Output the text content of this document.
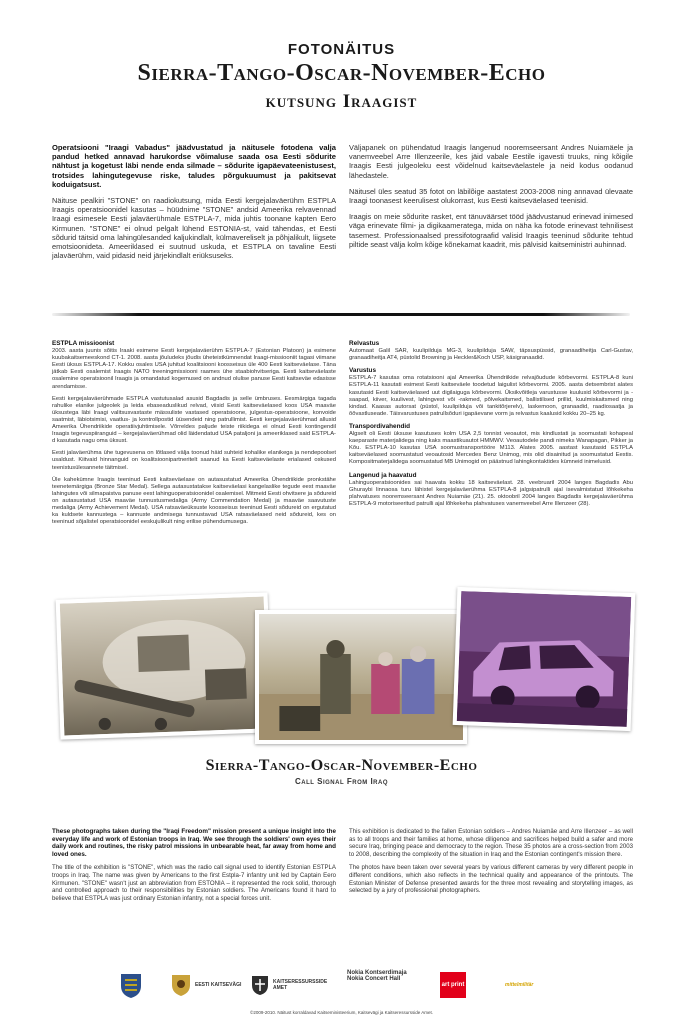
FOTONÄITUS
Sierra-Tango-Oscar-November-Echo
kutsung Iraagist

Operatsiooni "Iraagi Vabadus" jäädvustatud ja näitusele fotodena valja pandud hetked annavad harukordse võimaluse saada osa Eesti sõdurite nähtust ja kogetust läbi nende enda silmade – sõdurite igapäevateenistusest, trotsides lahingutegevuse riske, taludes põrgukuumust ja pakitsevat koduigatsust.

Näituse pealkiri "STONE" on raadiokutsung, mida Eesti kergejalaväerühm ESTPLA Iraagis operatsioonidel kasutas – hüüdnime "STONE" andsid Ameerika relvavennad Iraagi esimesele Eesti jalaväerühmale ESTPLA-7, mida juhtis toonane kapten Eero Kirmunen. "STONE" ei olnud pelgalt lühend ESTONIA-st, vaid tähendas, et Eesti sõdurid täitsid oma lahingülesanded kaljukindlalt, külmavereliselt ja põhjalikult, liigsete emotsioonideta. Ameeriklased ei suutnud uskuda, et ESTPLA on tavaline Eesti jalaväerühm, vaid pidasid neid järjekindlalt eriüksuseks.

Väljapanek on pühendatud Iraagis langenud nooremseersant Andres Nuiamäele ja vanemveebel Arre Illenzeerile, kes jäid vabale Eestile igavesti truuks, ning kõigile Iraagis Eesti julgeoleku eest võidelnud kaitseväelastele ja neid kodus oodanud lähedastele.

Näitusel üles seatud 35 fotot on läbilõige aastatest 2003-2008 ning annavad ülevaate Iraagi toonasest keerulisest olukorrast, kus Eesti kaitseväelased teenisid.

Iraagis on meie sõdurite rasket, ent tänuväärset tööd jäädvustanud erinevad inimesed väga erinevate filmi- ja digikaameratega, mida on näha ka fotode erinevast tehnilisest tasemest. Professionaalsed pressifotograafid valisid Iraagis teeninud sõdurite tehtud piltide seast välja kolm kõige kõnekamat kaadrit, mis pälvisid kaitseministri auhinnad.

ESTPLA missioonist

2003. aasta juunis sõitis Iraaki esimene Eesti kergejalaväerühm ESTPLA-7 (Estonian Platoon) ja esimene kuubakaitsemeeskond CT-1. 2008. aasta jõuludeks jõudis üheteistkümnendat Iraagi-missiooniit tagasi viimane Eesti üksus ESTPLA-17. Kokku osales USA juhitud koalitsiooni koosseisus üle 400 Eesti kaitseväelase. Täna jätkab Eesti osalemist Iraagis NATO treeningmissiooni raames ühe staabiohvitseriga. Eesti kaitseväelaste osalemine operatsioonil Iraagis ja omandatud kogemused on andnud olulise panuse Eesti kaitseväe edasisse arendamisse.

Eesti kergejalaväerühmade ESTPLA vastutusalad asusid Bagdadis ja selle ümbruses. Eesmärgiga tagada rahulike elanike julgeolek ja leida ebaseaduslikud relvad, viisid Eesti kaitseväelased koos USA maaväe üksustega läbi Iraagi valitsusvastaste mässuliste vastased operatsioone, julgestus-operatsioone, konvoide saatmist, läbiotsimisi, vaatlus- ja kontrollpostid üüsendeid ning patrullimist. Eesti kergejalaväerühmad allusid Ameerika Ühendriikide operatiivjuhtimisele. Võrreldes paljude teiste riikidega ei olnud Eesti kontingendil Iraagis tegevuspiiranguid – kergejalaväerühmad olid läidendatud USA pataljoni ja ameeriklased said ESTPLA-d kasutada nagu oma üksust.

Eesti jalaväerühma ühe tugevusena on lõtlased välja toonud häid suhteid kohalike elanikega ja nendepoolset usaldust. Kiitvaid hinnanguid on koalitsioonipartneritelt saanud ka Eesti kaitseväelaste erialased oskused teenistusülesannete täitmisel.

Üle kahekümne Iraagis teeninud Eesti kaitseväelase on autasustatud Ameerika Ühendriikide pronkstähe teenetemärgiga (Bronze Star Medal). Sellega autasustatakse kaitseväelasi kangelaslike tegude eest maaväe lahingutes või silmapaistva panuse eest lahinguoperatsioonidel osalemisel. Mitmeid Eesti ohvitsere ja sõdureid on autasustatud USA maaväe tunnustusmedaliga (Army Commendation Medal) ja maaväe saavutuste medaliga (Army Achievement Medal). USA ratsaväeüksuste koosseisus teeninud Eesti sõdureid on ergutatud ka kuldsete kannustega – kannuste andmisega tunnustavad USA ratsaväelased neid sõdureid, kes on teeninud sõjalistel operatsioonidel eeskujulikult ning erilise pühendumusega.

Relvastus

Automaat Galil SAR, kuulipilduja MG-3, kuulipilduja SAW, täpsuspüssid, granaadiheitja Carl-Gustav, granaadiheitja AT4, püstolid Browning ja Heckler&Koch USP, käsigranaadid.

Varustus

ESTPLA-7 kasutas oma rotatsiooni ajal Ameerika Ühendriikide relvajõudude kõrbevormi. ESTPLA-8 kuni ESTPLA-11 kasutati esimest Eesti kaitseväele toodetud laigulist kõrbevormi. 2005. aasta detsembrist alates kasutasid Eesti kaitseväelased uut digilaiguga kõrbevormi. Üksikvõitleja varustusse kuulusid kõrbevormi ja -saapad, kiiver, kuulivest, lahingvest või -rakmed, põlvekaitsmed, ballistilised prillid, kuulmiskaitsmed ning kindad. Kaasas autorsat (püstol, kuulipilduja või tankitõrjerelv), laskemoon, granaadid, raadiosaatja ja õõvastluseade. Täisvarustuses patrullsõduri igapäevane vorm ja relvastus kaalusid kokku 20–25 kg.

Transpordivahendid

Algselt oli Eesti üksuse kasutuses kolm USA 2,5 tonnist veoautot, mis kindlustati ja soomustati kohapeal kaeparaste materjalidega ning kaks maastikuautot HMMWV. Veoautodele pandi nimeks Wanapagan, Pikker ja Kõu. ESTPLA-10 kasutas USA soomustransportööre M113. Alates 2005. aastast kasutasid ESTPLA kaitseväelased soomustatud veoautosid Mercedes Benz Unimog, mis olid disainitud ja soomustatud Eestis. Kompositmaterjalidega soomustatud MB Unimogid on päästnud lahingkontaktides kümneid inimelusid.

Langenud ja haavatud

Lahinguoperatsioonides sai haavata kokku 18 kaitseväelast. 28. veebruaril 2004 langes Bagdadis Abu Ghuraybi linnaosa turu lähistel kergejalaväerühma ESTPLA-8 jalgsipatrulli ajal isevalmistatud lõhkekeha plahvatuses nooremseersant Andres Nuiamäe (21). 25. oktoobril 2004 langes Bagdadis kergejalaväerühma ESTPLA-9 motoriseeritud patrulli ajal lõhkekeha plahvatuses vanemveebel Arre Illenzeer (28).

Sierra-Tango-Oscar-November-Echo
Call Signal From Iraq

These photographs taken during the "Iraqi Freedom" mission present a unique insight into the everyday life and work of Estonian troops in Iraq. We see through the soldiers' own eyes their daily work and routines, the risky patrol missions in unbearable heat, far away from home and loved ones.

The title of the exhibition is "STONE", which was the radio call signal used to identify Estonian ESTPLA troops in Iraq. The name was given by Americans to the first Estpla-7 infantry unit led by Captain Eero Kirmunen. "STONE" wasn't just an abbreviation from ESTONIA – it represented the rock solid, thorough and controlled approach to their responsibilities by Estonian soldiers. The Americans found it hard to believe that ESTPLA was just ordinary Estonian infantry, not a special forces unit.

This exhibition is dedicated to the fallen Estonian soldiers – Andres Nuiamäe and Arre Illenzeer – as well as to all troops and their families at home, whose diligence and sacrifices helped build a safer and more secure Iraq, bringing peace and democracy to the region. These 35 photos are a cross-section from 2003 to 2008, describing the complexity of the situation in Iraq and the Estonian contingent's mission there.

The photos have been taken over several years by various different cameras by very different people in different conditions, which also reflects in the technical quality and appearance of the printouts. The Estonian Minister of Defense presented awards for the three most revealing and storytelling images, as selected by a jury of professional photographers.

EESTI KAITSEVÄGI	KAITSERESSURSSIDE AMET
Nokia Kontserdimaja
Nokia Concert Hall
art print	mittelmilitär
©2009-2010. Näitust korraldavad Kaitseministeerium, Kaitsevägi ja Kaitseressursside Amet.
